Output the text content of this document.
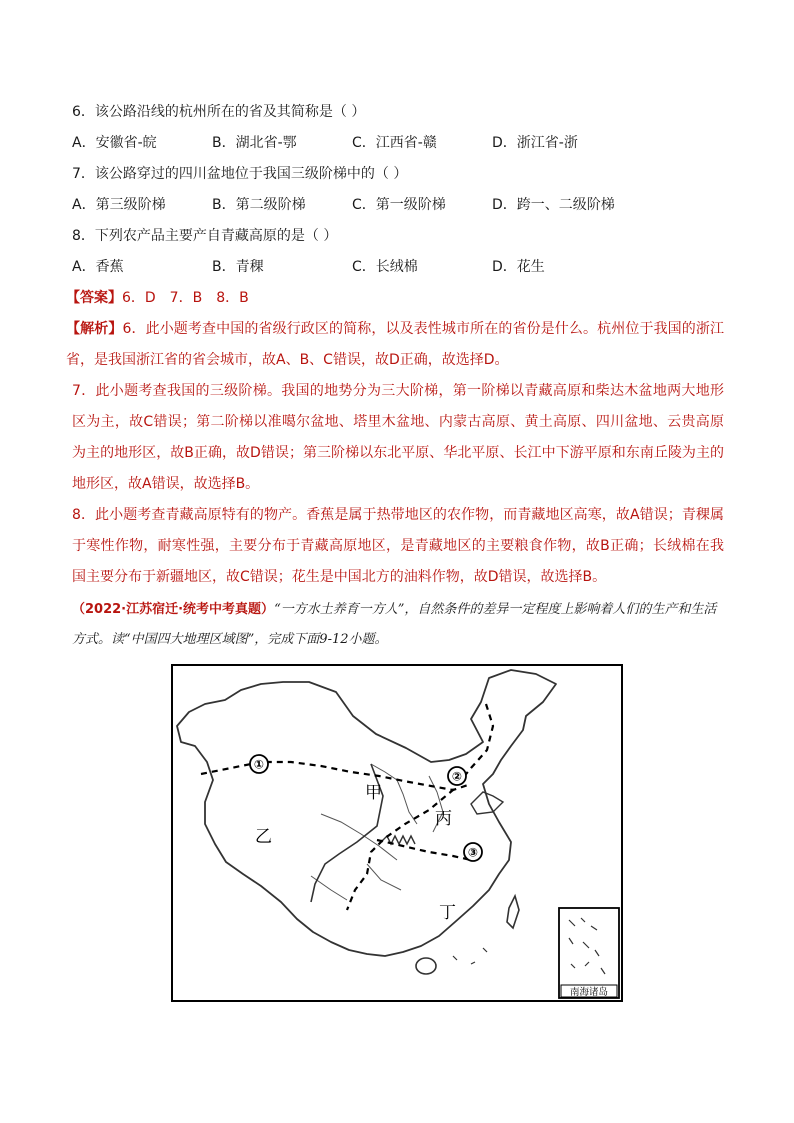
6．该公路沿线的杭州所在的省及其简称是（ ）
A．安徽省-皖	B．湖北省-鄂	C．江西省-赣	D．浙江省-浙
7．该公路穿过的四川盆地位于我国三级阶梯中的（ ）
A．第三级阶梯	B．第二级阶梯	C．第一级阶梯	D．跨一、二级阶梯
8．下列农产品主要产自青藏高原的是（ ）
A．香蕉	B．青稞	C．长绒棉	D．花生
【答案】6．D　7．B　8．B
【解析】6．此小题考查中国的省级行政区的简称，以及表性城市所在的省份是什么。杭州位于我国的浙江省，是我国浙江省的省会城市，故A、B、C错误，故D正确，故选择D。
7．此小题考查我国的三级阶梯。我国的地势分为三大阶梯，第一阶梯以青藏高原和柴达木盆地两大地形区为主，故C错误；第二阶梯以准噶尔盆地、塔里木盆地、内蒙古高原、黄土高原、四川盆地、云贵高原为主的地形区，故B正确，故D错误；第三阶梯以东北平原、华北平原、长江中下游平原和东南丘陵为主的地形区，故A错误，故选择B。
8．此小题考查青藏高原特有的物产。香蕉是属于热带地区的农作物，而青藏地区高寒，故A错误；青稞属于寒性作物，耐寒性强，主要分布于青藏高原地区，是青藏地区的主要粮食作物，故B正确；长绒棉在我国主要分布于新疆地区，故C错误；花生是中国北方的油料作物，故D错误，故选择B。
（2022·江苏宿迁·统考中考真题）“一方水土养育一方人”，自然条件的差异一定程度上影响着人们的生产和生活方式。读“中国四大地理区域图”，完成下面9-12小题。
①
②
③
甲
乙
丙
丁
南海诸岛
